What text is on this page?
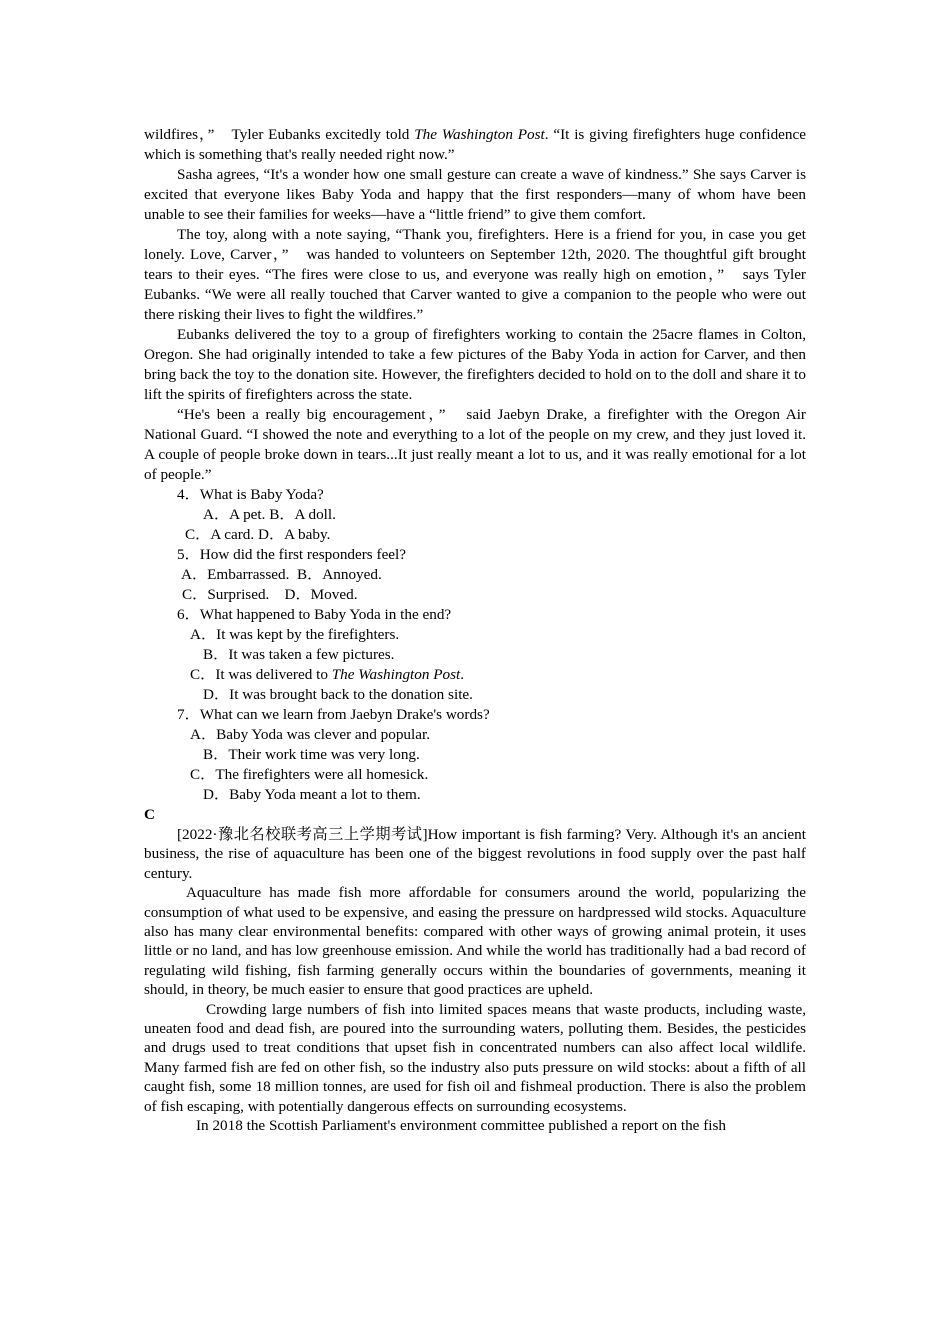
wildfires，”　Tyler Eubanks excitedly told The Washington Post. “It is giving firefighters huge confidence which is something that's really needed right now.”

Sasha agrees, “It's a wonder how one small gesture can create a wave of kindness.” She says Carver is excited that everyone likes Baby Yoda and happy that the first responders—many of whom have been unable to see their families for weeks—have a “little friend” to give them comfort.

The toy, along with a note saying, “Thank you, firefighters. Here is a friend for you, in case you get lonely. Love, Carver，”　was handed to volunteers on September 12th, 2020. The thoughtful gift brought tears to their eyes. “The fires were close to us, and everyone was really high on emotion，”　says Tyler Eubanks. “We were all really touched that Carver wanted to give a companion to the people who were out there risking their lives to fight the wildfires.”

Eubanks delivered the toy to a group of firefighters working to contain the 25acre flames in Colton, Oregon. She had originally intended to take a few pictures of the Baby Yoda in action for Carver, and then bring back the toy to the donation site. However, the firefighters decided to hold on to the doll and share it to lift the spirits of firefighters across the state.

“He's been a really big encouragement，”　said Jaebyn Drake, a firefighter with the Oregon Air National Guard. “I showed the note and everything to a lot of the people on my crew, and they just loved it. A couple of people broke down in tears...It just really meant a lot to us, and it was really emotional for a lot of people.”

4．What is Baby Yoda?

A．A pet. B．A doll.

C．A card. D．A baby.

5．How did the first responders feel?

A．Embarrassed.  B．Annoyed.

C．Surprised.    D．Moved.

6．What happened to Baby Yoda in the end?

A．It was kept by the firefighters.

B．It was taken a few pictures.

C．It was delivered to The Washington Post.

D．It was brought back to the donation site.

7．What can we learn from Jaebyn Drake's words?

A．Baby Yoda was clever and popular.

B．Their work time was very long.

C．The firefighters were all homesick.

D．Baby Yoda meant a lot to them.

C

[2022·豫北名校联考高三上学期考试]How important is fish farming? Very. Although it's an ancient business, the rise of aquaculture has been one of the biggest revolutions in food supply over the past half century.

Aquaculture has made fish more affordable for consumers around the world, popularizing the consumption of what used to be expensive, and easing the pressure on hardpressed wild stocks. Aquaculture also has many clear environmental benefits: compared with other ways of growing animal protein, it uses little or no land, and has low greenhouse emission. And while the world has traditionally had a bad record of regulating wild fishing, fish farming generally occurs within the boundaries of governments, meaning it should, in theory, be much easier to ensure that good practices are upheld.

Crowding large numbers of fish into limited spaces means that waste products, including waste, uneaten food and dead fish, are poured into the surrounding waters, polluting them. Besides, the pesticides and drugs used to treat conditions that upset fish in concentrated numbers can also affect local wildlife. Many farmed fish are fed on other fish, so the industry also puts pressure on wild stocks: about a fifth of all caught fish, some 18 million tonnes, are used for fish oil and fishmeal production. There is also the problem of fish escaping, with potentially dangerous effects on surrounding ecosystems.

In 2018 the Scottish Parliament's environment committee published a report on the fish
